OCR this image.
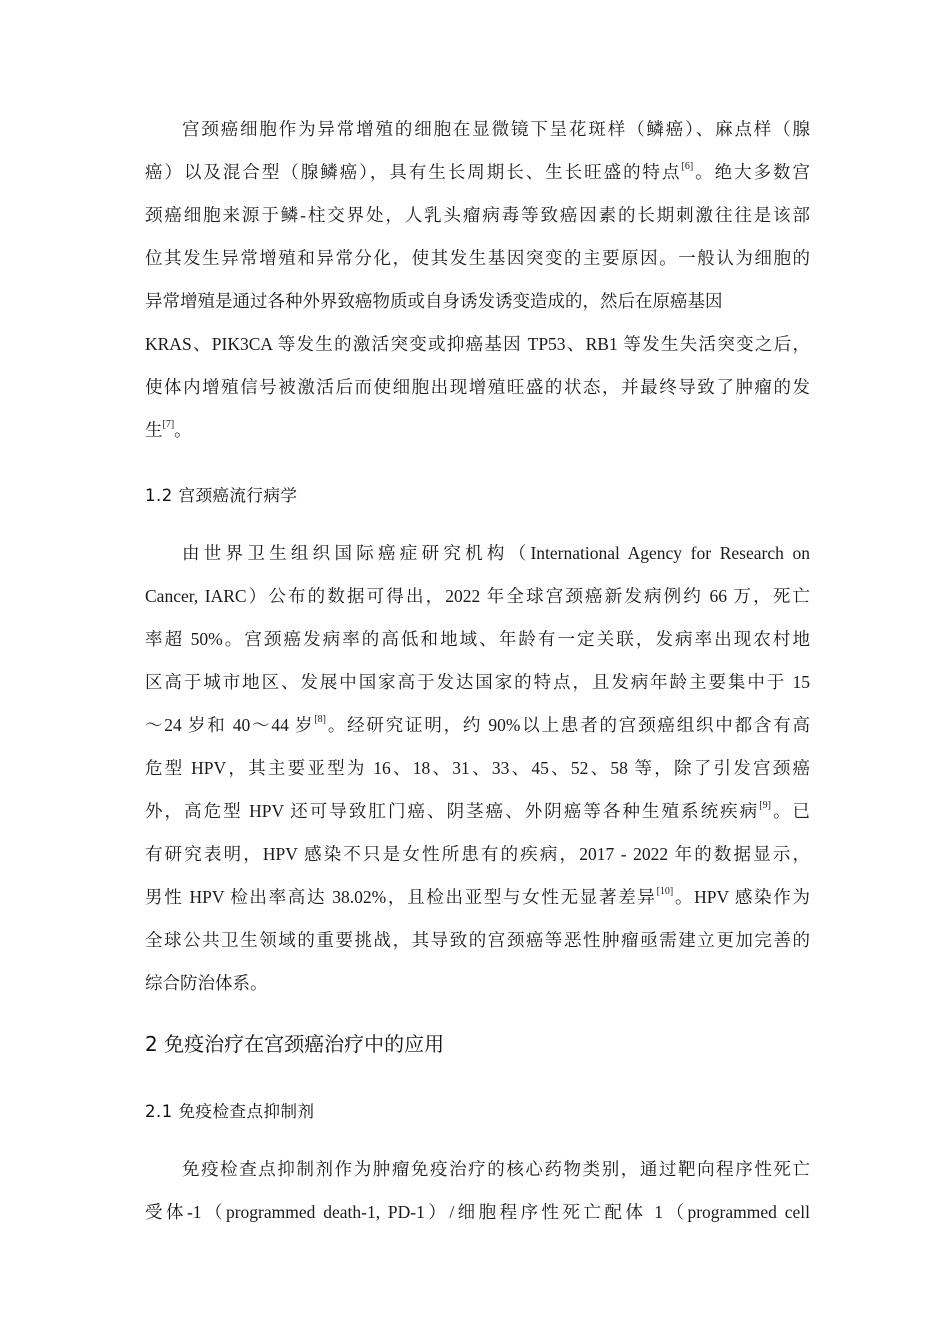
宫颈癌细胞作为异常增殖的细胞在显微镜下呈花斑样（鳞癌）、麻点样（腺
癌）以及混合型（腺鳞癌），具有生长周期长、生长旺盛的特点[6]。绝大多数宫
颈癌细胞来源于鳞-柱交界处，人乳头瘤病毒等致癌因素的长期刺激往往是该部
位其发生异常增殖和异常分化，使其发生基因突变的主要原因。一般认为细胞的
异常增殖是通过各种外界致癌物质或自身诱发诱变造成的，然后在原癌基因
KRAS、PIK3CA 等发生的激活突变或抑癌基因 TP53、RB1 等发生失活突变之后，
使体内增殖信号被激活后而使细胞出现增殖旺盛的状态，并最终导致了肿瘤的发
生[7]。
1.2 宫颈癌流行病学
由世界卫生组织国际癌症研究机构（International Agency for Research on
Cancer, IARC）公布的数据可得出，2022 年全球宫颈癌新发病例约 66 万，死亡
率超 50%。宫颈癌发病率的高低和地域、年龄有一定关联，发病率出现农村地
区高于城市地区、发展中国家高于发达国家的特点，且发病年龄主要集中于 15
～24 岁和 40～44 岁[8]。经研究证明，约 90%以上患者的宫颈癌组织中都含有高
危型 HPV，其主要亚型为 16、18、31、33、45、52、58 等，除了引发宫颈癌
外，高危型 HPV 还可导致肛门癌、阴茎癌、外阴癌等各种生殖系统疾病[9]。已
有研究表明，HPV 感染不只是女性所患有的疾病，2017 - 2022 年的数据显示，
男性 HPV 检出率高达 38.02%，且检出亚型与女性无显著差异[10]。HPV 感染作为
全球公共卫生领域的重要挑战，其导致的宫颈癌等恶性肿瘤亟需建立更加完善的
综合防治体系。
2 免疫治疗在宫颈癌治疗中的应用
2.1 免疫检查点抑制剂
免疫检查点抑制剂作为肿瘤免疫治疗的核心药物类别，通过靶向程序性死亡
受体-1（programmed death-1, PD-1）/细胞程序性死亡配体 1（programmed cell
